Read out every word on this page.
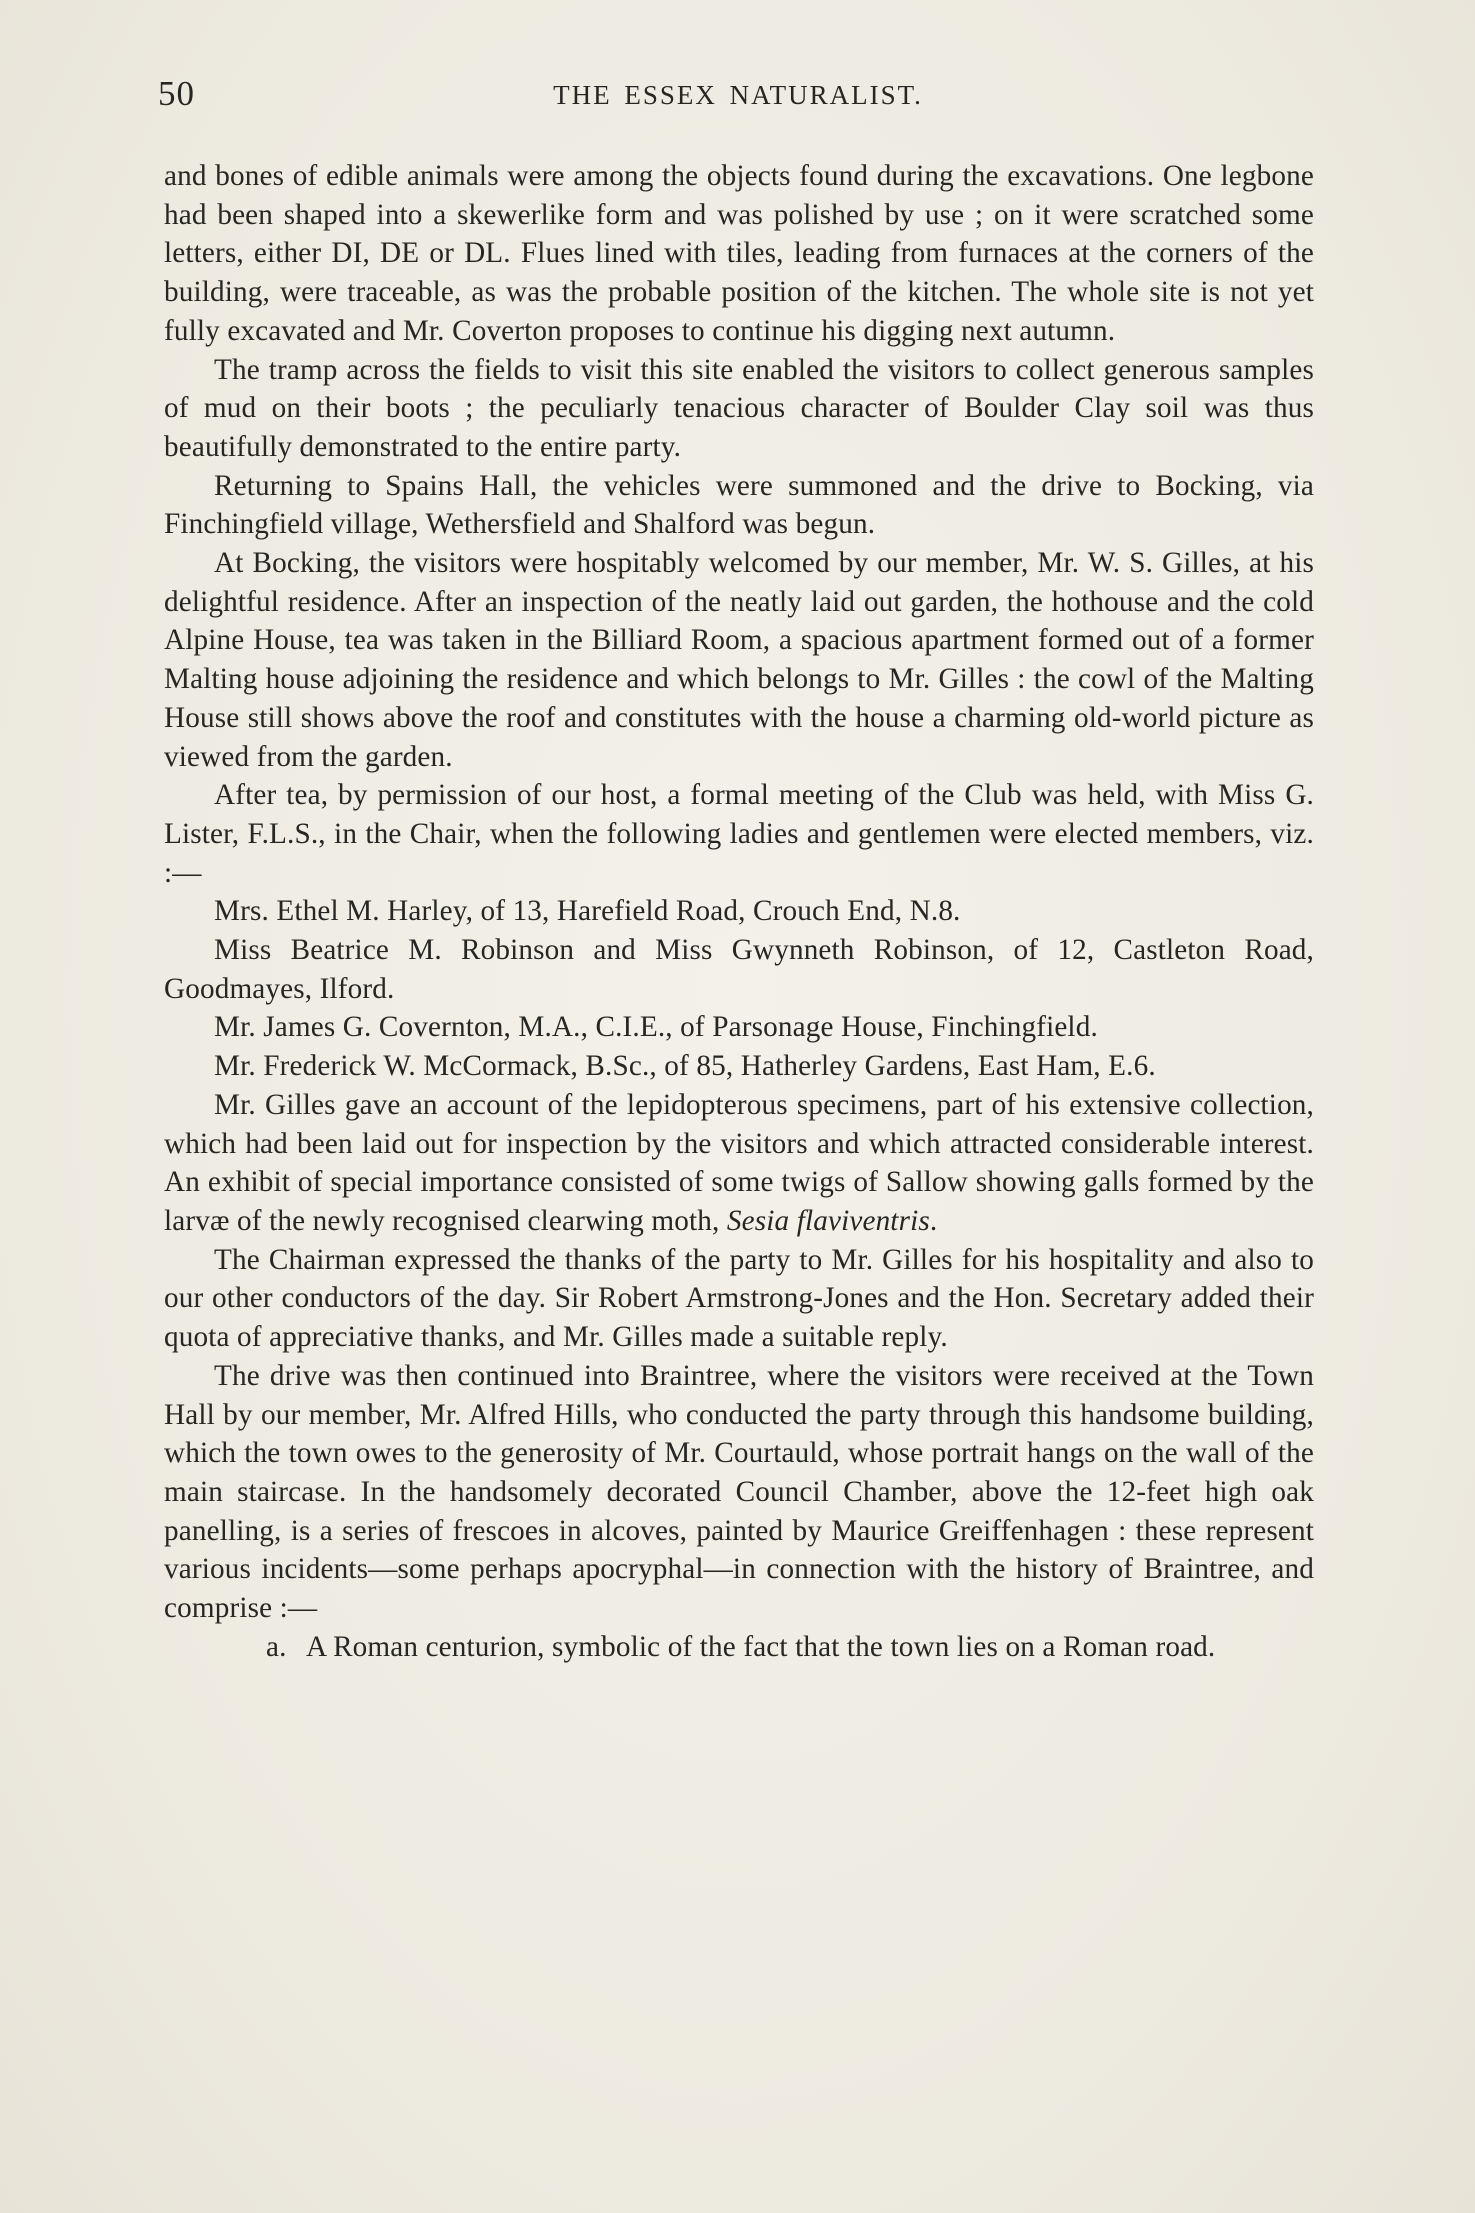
50	THE ESSEX NATURALIST.

and bones of edible animals were among the objects found during the excavations. One legbone had been shaped into a skewerlike form and was polished by use ; on it were scratched some letters, either DI, DE or DL. Flues lined with tiles, leading from furnaces at the corners of the building, were traceable, as was the probable position of the kitchen. The whole site is not yet fully excavated and Mr. Coverton proposes to continue his digging next autumn.

The tramp across the fields to visit this site enabled the visitors to collect generous samples of mud on their boots ; the peculiarly tenacious character of Boulder Clay soil was thus beautifully demonstrated to the entire party.

Returning to Spains Hall, the vehicles were summoned and the drive to Bocking, via Finchingfield village, Wethersfield and Shalford was begun.

At Bocking, the visitors were hospitably welcomed by our member, Mr. W. S. Gilles, at his delightful residence. After an inspection of the neatly laid out garden, the hothouse and the cold Alpine House, tea was taken in the Billiard Room, a spacious apartment formed out of a former Malting house adjoining the residence and which belongs to Mr. Gilles : the cowl of the Malting House still shows above the roof and constitutes with the house a charming old-world picture as viewed from the garden.

After tea, by permission of our host, a formal meeting of the Club was held, with Miss G. Lister, F.L.S., in the Chair, when the following ladies and gentlemen were elected members, viz. :—

Mrs. Ethel M. Harley, of 13, Harefield Road, Crouch End, N.8.

Miss Beatrice M. Robinson and Miss Gwynneth Robinson, of 12, Castleton Road, Goodmayes, Ilford.

Mr. James G. Covernton, M.A., C.I.E., of Parsonage House, Finchingfield.

Mr. Frederick W. McCormack, B.Sc., of 85, Hatherley Gardens, East Ham, E.6.

Mr. Gilles gave an account of the lepidopterous specimens, part of his extensive collection, which had been laid out for inspection by the visitors and which attracted considerable interest. An exhibit of special importance consisted of some twigs of Sallow showing galls formed by the larvæ of the newly recognised clearwing moth, Sesia flaviventris.

The Chairman expressed the thanks of the party to Mr. Gilles for his hospitality and also to our other conductors of the day. Sir Robert Armstrong-Jones and the Hon. Secretary added their quota of appreciative thanks, and Mr. Gilles made a suitable reply.

The drive was then continued into Braintree, where the visitors were received at the Town Hall by our member, Mr. Alfred Hills, who conducted the party through this handsome building, which the town owes to the generosity of Mr. Courtauld, whose portrait hangs on the wall of the main staircase. In the handsomely decorated Council Chamber, above the 12-feet high oak panelling, is a series of frescoes in alcoves, painted by Maurice Greiffenhagen : these represent various incidents—some perhaps apocryphal—in connection with the history of Braintree, and comprise :—

a. A Roman centurion, symbolic of the fact that the town lies on a Roman road.
